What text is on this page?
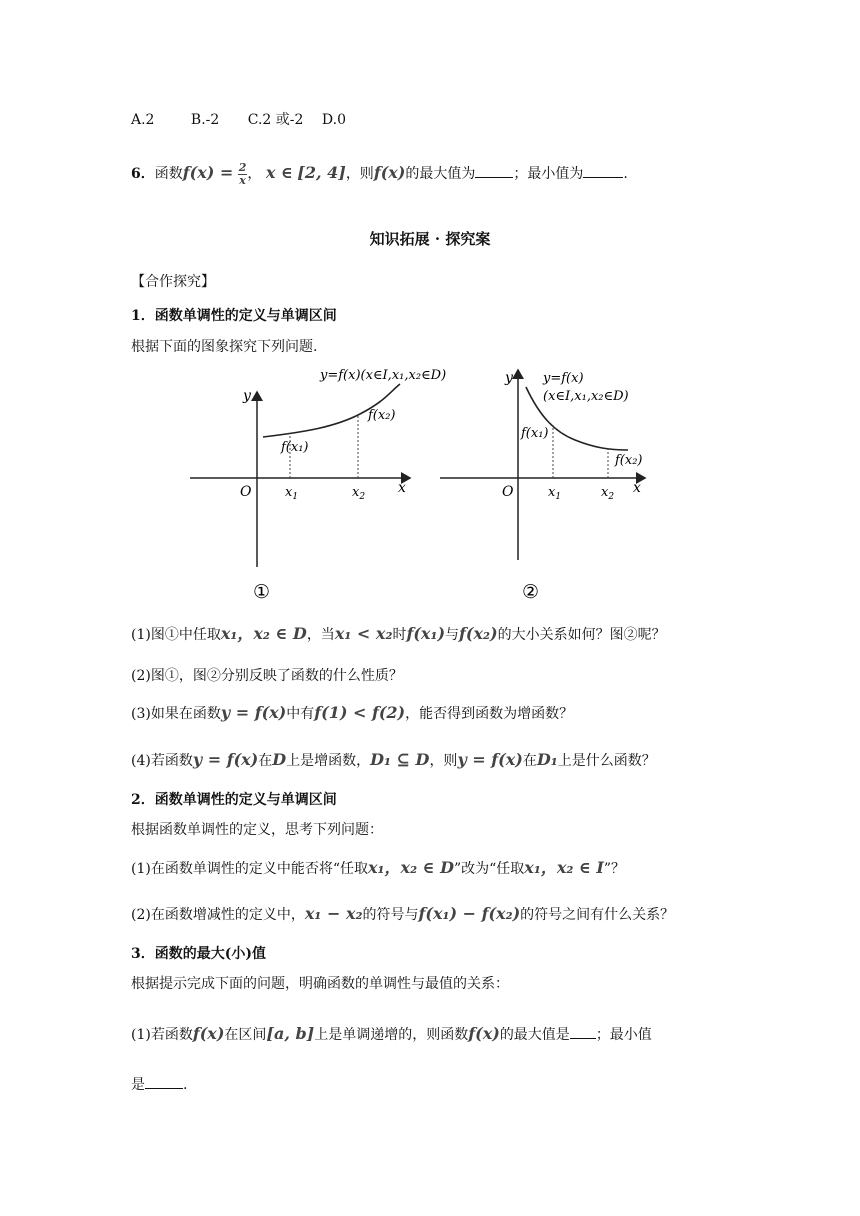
A.2	B.-2 C.2 或-2 D.0
6．函数$f(x) = \frac{2}{x}$ ， x ∈ [2, 4]，则f(x)的最大值为	；最小值为	.
知识拓展 · 探究案
【合作探究】
1．函数单调性的定义与单调区间
根据下面的图象探究下列问题.
y
O	x
$x_1$	$x_2$
y=f(x)(x∈I,x₁,x₂∈D)
f(x₁)
f(x₂)
①
y
O	x
$x_1$	$x_2$
y=f(x)
(x∈I,x₁,x₂∈D)
f(x₁)
f(x₂)
②
(1)图①中任取x₁，x₂ ∈ D，当x₁ < x₂时f(x₁)与f(x₂)的大小关系如何？图②呢？
(2)图①，图②分别反映了函数的什么性质？
(3)如果在函数y = f(x)中有f(1) < f(2)，能否得到函数为增函数？
(4)若函数y = f(x)在D上是增函数，D₁ ⊆ D，则y = f(x)在D₁上是什么函数？
2．函数单调性的定义与单调区间
根据函数单调性的定义，思考下列问题：
(1)在函数单调性的定义中能否将“任取x₁，x₂ ∈ D”改为“任取x₁，x₂ ∈ I”？
(2)在函数增减性的定义中，x₁ − x₂的符号与f(x₁) − f(x₂)的符号之间有什么关系？
3．函数的最大(小)值
根据提示完成下面的问题，明确函数的单调性与最值的关系：
(1)若函数f(x)在区间[a, b]上是单调递增的，则函数f(x)的最大值是 ；最小值
是	.
